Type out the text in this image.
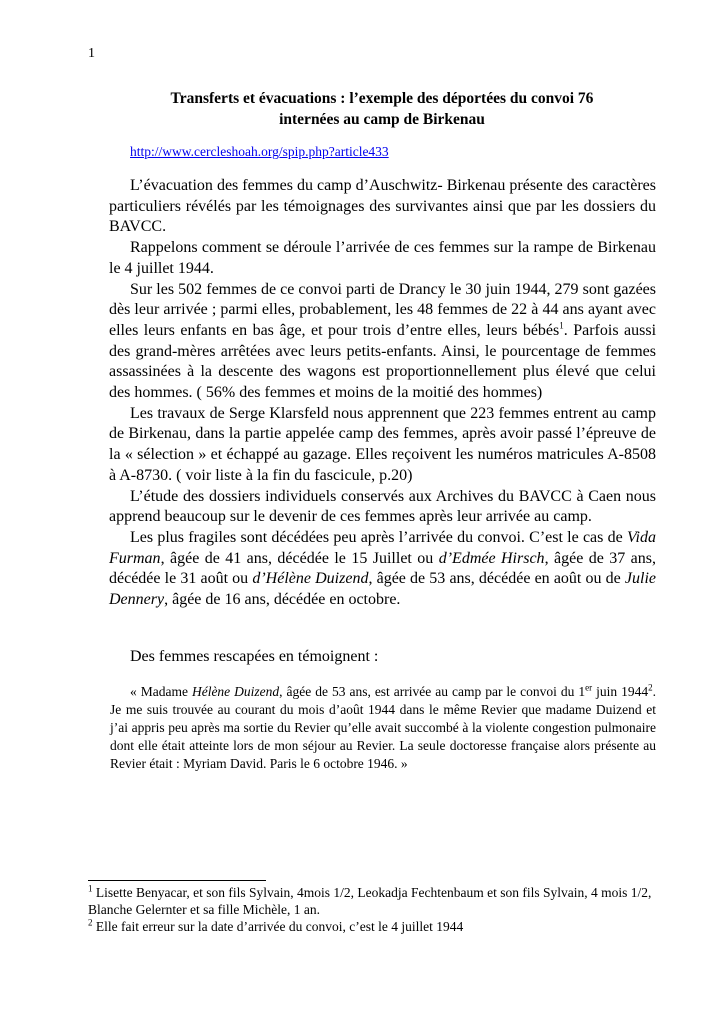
1
Transferts et évacuations : l’exemple des déportées du convoi 76
internées au camp de Birkenau
http://www.cercleshoah.org/spip.php?article433

L’évacuation des femmes du camp d’Auschwitz- Birkenau présente des caractères particuliers révélés par les témoignages des survivantes ainsi que par les dossiers du BAVCC.

Rappelons comment se déroule l’arrivée de ces femmes sur la rampe de Birkenau le 4 juillet 1944.

Sur les 502 femmes de ce convoi parti de Drancy le 30 juin 1944, 279 sont gazées dès leur arrivée ; parmi elles, probablement, les 48 femmes de 22 à 44 ans ayant avec elles leurs enfants en bas âge, et pour trois d’entre elles, leurs bébés$^1$. Parfois aussi des grand-mères arrêtées avec leurs petits-enfants. Ainsi, le pourcentage de femmes assassinées à la descente des wagons est proportionnellement plus élevé que celui des hommes. ( 56% des femmes et moins de la moitié des hommes)

Les travaux de Serge Klarsfeld nous apprennent que 223 femmes entrent au camp de Birkenau, dans la partie appelée camp des femmes, après avoir passé l’épreuve de la « sélection » et échappé au gazage. Elles reçoivent les numéros matricules A-8508 à A-8730. ( voir liste à la fin du fascicule, p.20)

L’étude des dossiers individuels conservés aux Archives du BAVCC à Caen nous apprend beaucoup sur le devenir de ces femmes après leur arrivée au camp.

Les plus fragiles sont décédées peu après l’arrivée du convoi. C’est le cas de Vida Furman, âgée de 41 ans, décédée le 15 Juillet ou d’Edmée Hirsch, âgée de 37 ans, décédée le 31 août ou d’Hélène Duizend, âgée de 53 ans, décédée en août ou de Julie Dennery, âgée de 16 ans, décédée en octobre.

Des femmes rescapées en témoignent :
« Madame Hélène Duizend, âgée de 53 ans, est arrivée au camp par le convoi du 1er juin 1944$^2$. Je me suis trouvée au courant du mois d’août 1944 dans le même Revier que madame Duizend et j’ai appris peu après ma sortie du Revier qu’elle avait succombé à la violente congestion pulmonaire dont elle était atteinte lors de mon séjour au Revier. La seule doctoresse française alors présente au Revier était : Myriam David. Paris le 6 octobre 1946. »

$^1$ Lisette Benyacar, et son fils Sylvain, 4mois 1/2, Leokadja Fechtenbaum et son fils Sylvain, 4 mois 1/2, Blanche Gelernter et sa fille Michèle, 1 an.

$^2$ Elle fait erreur sur la date d’arrivée du convoi, c’est le 4 juillet 1944
